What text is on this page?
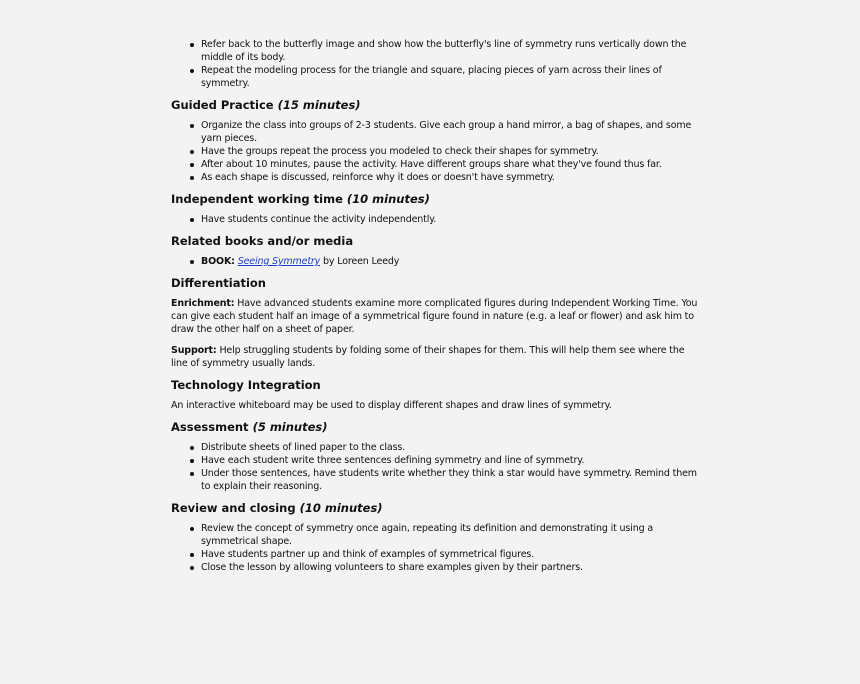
Refer back to the butterfly image and show how the butterfly's line of symmetry runs vertically down the middle of its body.
Repeat the modeling process for the triangle and square, placing pieces of yarn across their lines of symmetry.
Guided Practice (15 minutes)
Organize the class into groups of 2-3 students. Give each group a hand mirror, a bag of shapes, and some yarn pieces.
Have the groups repeat the process you modeled to check their shapes for symmetry.
After about 10 minutes, pause the activity. Have different groups share what they've found thus far.
As each shape is discussed, reinforce why it does or doesn't have symmetry.
Independent working time (10 minutes)
Have students continue the activity independently.
Related books and/or media
BOOK: Seeing Symmetry by Loreen Leedy
Differentiation

Enrichment: Have advanced students examine more complicated figures during Independent Working Time. You can give each student half an image of a symmetrical figure found in nature (e.g. a leaf or flower) and ask him to draw the other half on a sheet of paper.

Support: Help struggling students by folding some of their shapes for them. This will help them see where the line of symmetry usually lands.

Technology Integration

An interactive whiteboard may be used to display different shapes and draw lines of symmetry.

Assessment (5 minutes)
Distribute sheets of lined paper to the class.
Have each student write three sentences defining symmetry and line of symmetry.
Under those sentences, have students write whether they think a star would have symmetry. Remind them to explain their reasoning.
Review and closing (10 minutes)
Review the concept of symmetry once again, repeating its definition and demonstrating it using a symmetrical shape.
Have students partner up and think of examples of symmetrical figures.
Close the lesson by allowing volunteers to share examples given by their partners.
